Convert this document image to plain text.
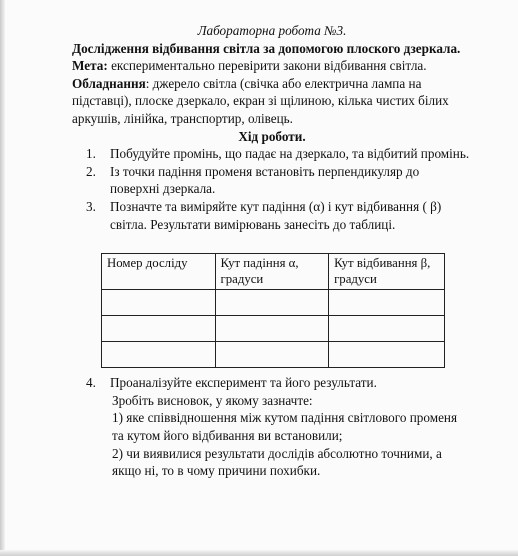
Лабораторна робота №3.

Дослідження відбивання світла за допомогою плоского дзеркала.

Мета: експериментально перевірити закони відбивання світла.

Обладнання: джерело світла (свічка або електрична лампа на підставці), плоске дзеркало, екран зі щілиною, кілька чистих білих аркушів, лінійка, транспортир, олівець.

Хід роботи.

1.	Побудуйте промінь, що падає на дзеркало, та відбитий промінь.
2.	Із точки падіння променя встановіть перпендикуляр до поверхні дзеркала.
3.	Позначте та виміряйте кут падіння (α) і кут відбивання ( β) світла. Результати вимірювань занесіть до таблиці.
Номер досліду	Кут падіння α, градуси	Кут відбивання β, градуси

4.	Проаналізуйте експеримент та його результати.

Зробіть висновок, у якому зазначте:

1) яке співвідношення між кутом падіння світлового променя та кутом його відбивання ви встановили;

2) чи виявилися результати дослідів абсолютно точними, а якщо ні, то в чому причини похибки.
